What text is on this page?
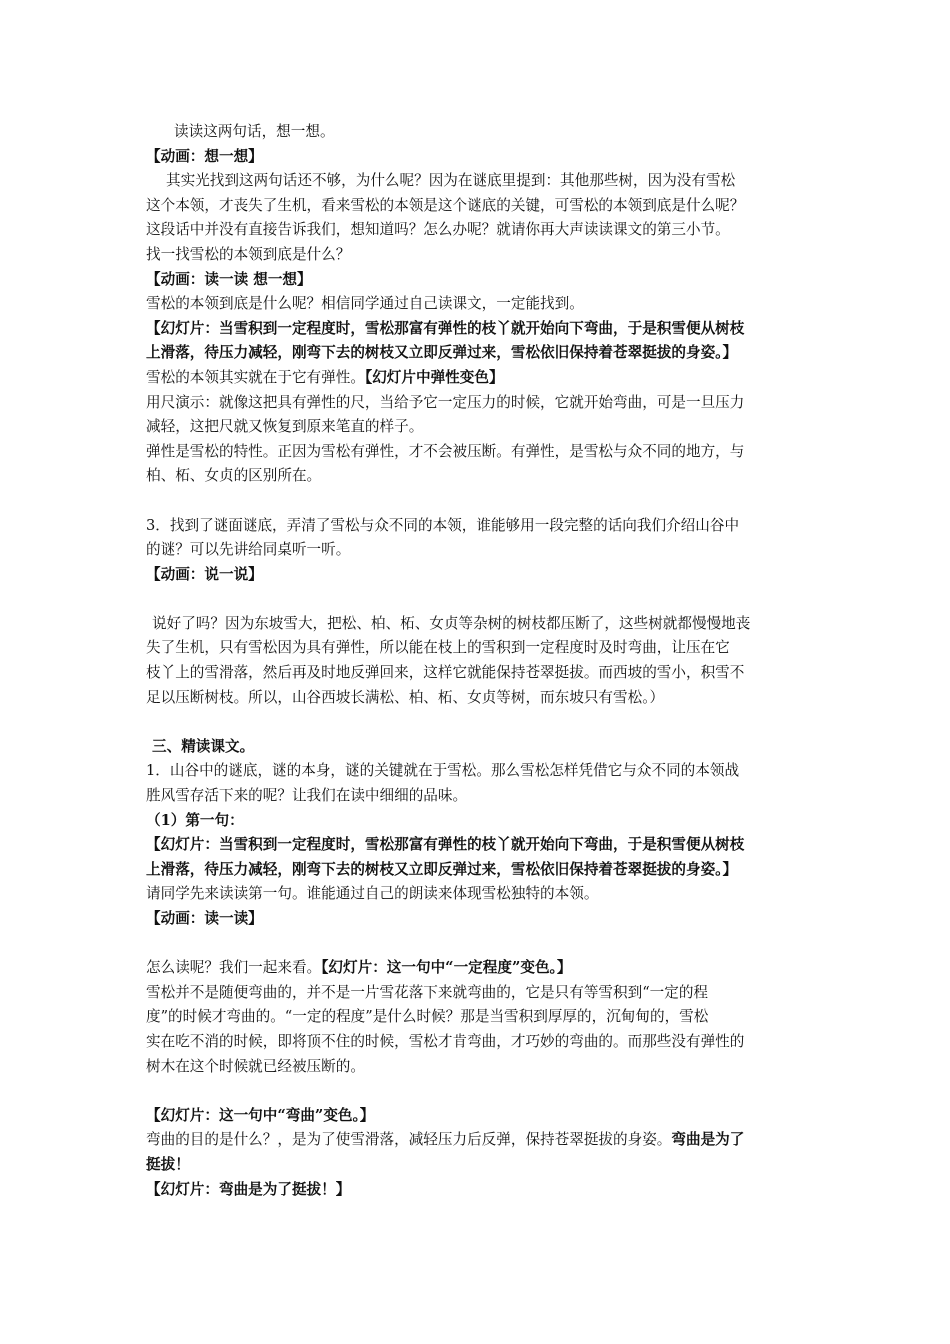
读读这两句话，想一想。
【动画：想一想】
其实光找到这两句话还不够，为什么呢？因为在谜底里提到：其他那些树，因为没有雪松
这个本领，才丧失了生机，看来雪松的本领是这个谜底的关键，可雪松的本领到底是什么呢？
这段话中并没有直接告诉我们，想知道吗？怎么办呢？就请你再大声读读课文的第三小节。
找一找雪松的本领到底是什么？
【动画：读一读 想一想】
雪松的本领到底是什么呢？相信同学通过自己读课文，一定能找到。
【幻灯片：当雪积到一定程度时，雪松那富有弹性的枝丫就开始向下弯曲，于是积雪便从树枝
上滑落，待压力减轻，刚弯下去的树枝又立即反弹过来，雪松依旧保持着苍翠挺拔的身姿。】
雪松的本领其实就在于它有弹性。【幻灯片中弹性变色】
用尺演示：就像这把具有弹性的尺，当给予它一定压力的时候，它就开始弯曲，可是一旦压力
减轻，这把尺就又恢复到原来笔直的样子。
弹性是雪松的特性。正因为雪松有弹性，才不会被压断。有弹性，是雪松与众不同的地方，与
柏、柘、女贞的区别所在。
3．找到了谜面谜底，弄清了雪松与众不同的本领，谁能够用一段完整的话向我们介绍山谷中
的谜？可以先讲给同桌听一听。
【动画：说一说】
说好了吗？因为东坡雪大，把松、柏、柘、女贞等杂树的树枝都压断了，这些树就都慢慢地丧
失了生机，只有雪松因为具有弹性，所以能在枝上的雪积到一定程度时及时弯曲，让压在它
枝丫上的雪滑落，然后再及时地反弹回来，这样它就能保持苍翠挺拔。而西坡的雪小，积雪不
足以压断树枝。所以，山谷西坡长满松、柏、柘、女贞等树，而东坡只有雪松。）
三、精读课文。
1．山谷中的谜底，谜的本身，谜的关键就在于雪松。那么雪松怎样凭借它与众不同的本领战
胜风雪存活下来的呢？让我们在读中细细的品味。
（1）第一句：
【幻灯片：当雪积到一定程度时，雪松那富有弹性的枝丫就开始向下弯曲，于是积雪便从树枝
上滑落，待压力减轻，刚弯下去的树枝又立即反弹过来，雪松依旧保持着苍翠挺拔的身姿。】
请同学先来读读第一句。谁能通过自己的朗读来体现雪松独特的本领。
【动画：读一读】
怎么读呢？我们一起来看。【幻灯片：这一句中“一定程度”变色。】
雪松并不是随便弯曲的，并不是一片雪花落下来就弯曲的，它是只有等雪积到“一定的程
度”的时候才弯曲的。“一定的程度”是什么时候？那是当雪积到厚厚的，沉甸甸的，雪松
实在吃不消的时候，即将顶不住的时候，雪松才肯弯曲，才巧妙的弯曲的。而那些没有弹性的
树木在这个时候就已经被压断的。
【幻灯片：这一句中“弯曲”变色。】
弯曲的目的是什么？，是为了使雪滑落，减轻压力后反弹，保持苍翠挺拔的身姿。弯曲是为了
挺拔！
【幻灯片：弯曲是为了挺拔！】
